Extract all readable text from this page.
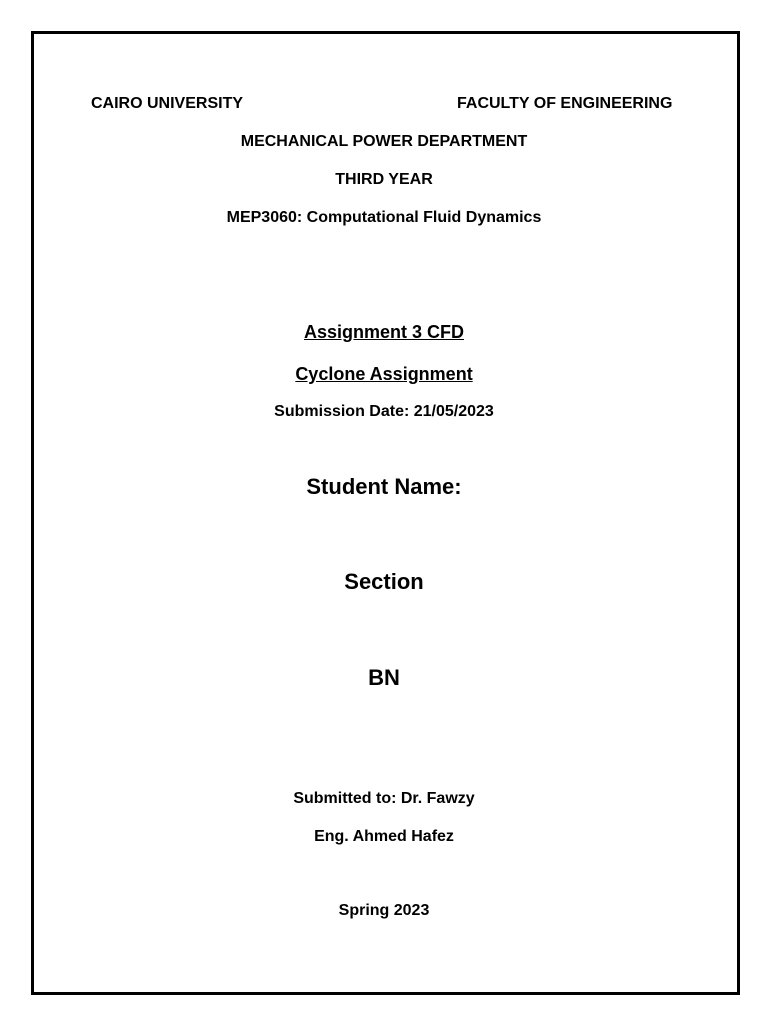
CAIRO UNIVERSITY	FACULTY OF ENGINEERING
MECHANICAL POWER DEPARTMENT
THIRD YEAR
MEP3060: Computational Fluid Dynamics
Assignment 3 CFD
Cyclone Assignment
Submission Date: 21/05/2023
Student Name:
Section
BN
Submitted to: Dr. Fawzy
Eng. Ahmed Hafez
Spring 2023
